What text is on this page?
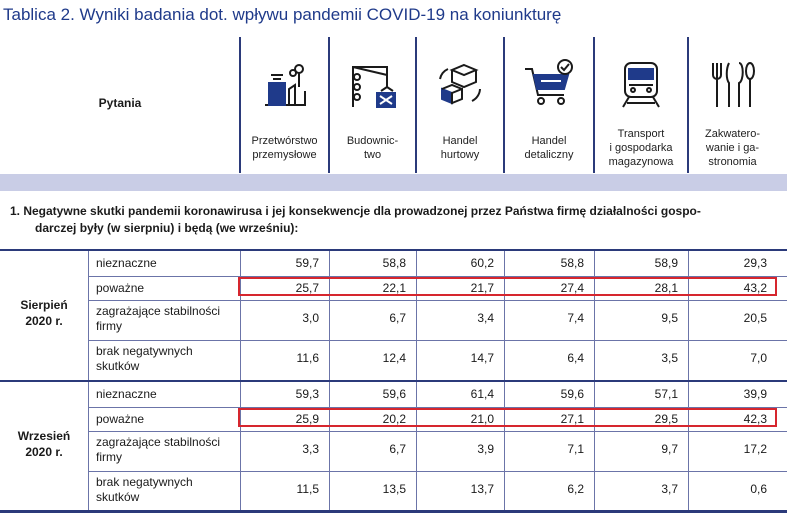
Tablica 2. Wyniki badania dot. wpływu pandemii COVID-19 na koniunkturę
Pytania
Przetwórstwo
przemysłowe
Budownic-
two
Handel
hurtowy
Handel
detaliczny
Transport
i gospodarka
magazynowa
Zakwatero-
wanie i ga-
stronomia
1. Negatywne skutki pandemii koronawirusa i jej konsekwencje dla prowadzonej przez Państwa firmę działalności gospo-
darczej były (w sierpniu) i będą (we wrześniu):
Sierpień
2020 r.
nieznaczne	59,7	58,8	60,2	58,8	58,9	29,3
poważne	25,7	22,1	21,7	27,4	28,1	43,2
zagrażające stabilności
firmy
3,0	6,7	3,4	7,4	9,5	20,5
brak negatywnych
skutków
11,6	12,4	14,7	6,4	3,5	7,0
Wrzesień
2020 r.
nieznaczne	59,3	59,6	61,4	59,6	57,1	39,9
poważne	25,9	20,2	21,0	27,1	29,5	42,3
zagrażające stabilności
firmy
3,3	6,7	3,9	7,1	9,7	17,2
brak negatywnych
skutków
11,5	13,5	13,7	6,2	3,7	0,6
